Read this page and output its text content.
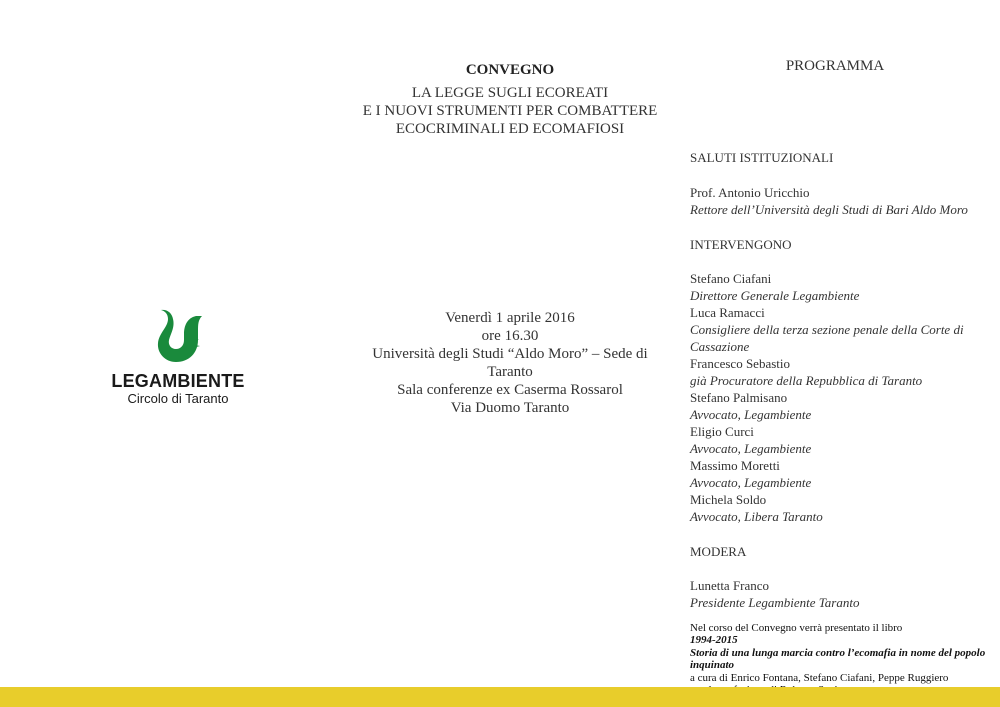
LEGAMBIENTE
Circolo di Taranto
CONVEGNO
LA LEGGE SUGLI ECOREATI
E I NUOVI STRUMENTI PER COMBATTERE
ECOCRIMINALI ED ECOMAFIOSI
Venerdì 1 aprile 2016
ore 16.30
Università degli Studi “Aldo Moro” – Sede di Taranto
Sala conferenze ex Caserma Rossarol
Via Duomo Taranto
PROGRAMMA
SALUTI ISTITUZIONALI
Prof. Antonio Uricchio
Rettore dell’Università degli Studi di Bari Aldo Moro
INTERVENGONO
Stefano Ciafani
Direttore Generale Legambiente
Luca Ramacci
Consigliere della terza sezione penale della Corte di Cassazione
Francesco Sebastio
già Procuratore della Repubblica di Taranto
Stefano Palmisano
Avvocato, Legambiente
Eligio Curci
Avvocato, Legambiente
Massimo Moretti
Avvocato, Legambiente
Michela Soldo
Avvocato, Libera Taranto
MODERA
Lunetta Franco
Presidente Legambiente Taranto
Nel corso del Convegno verrà presentato il libro
1994-2015
Storia di una lunga marcia contro l’ecomafia in nome del popolo inquinato
a cura di Enrico Fontana, Stefano Ciafani, Peppe Ruggiero
